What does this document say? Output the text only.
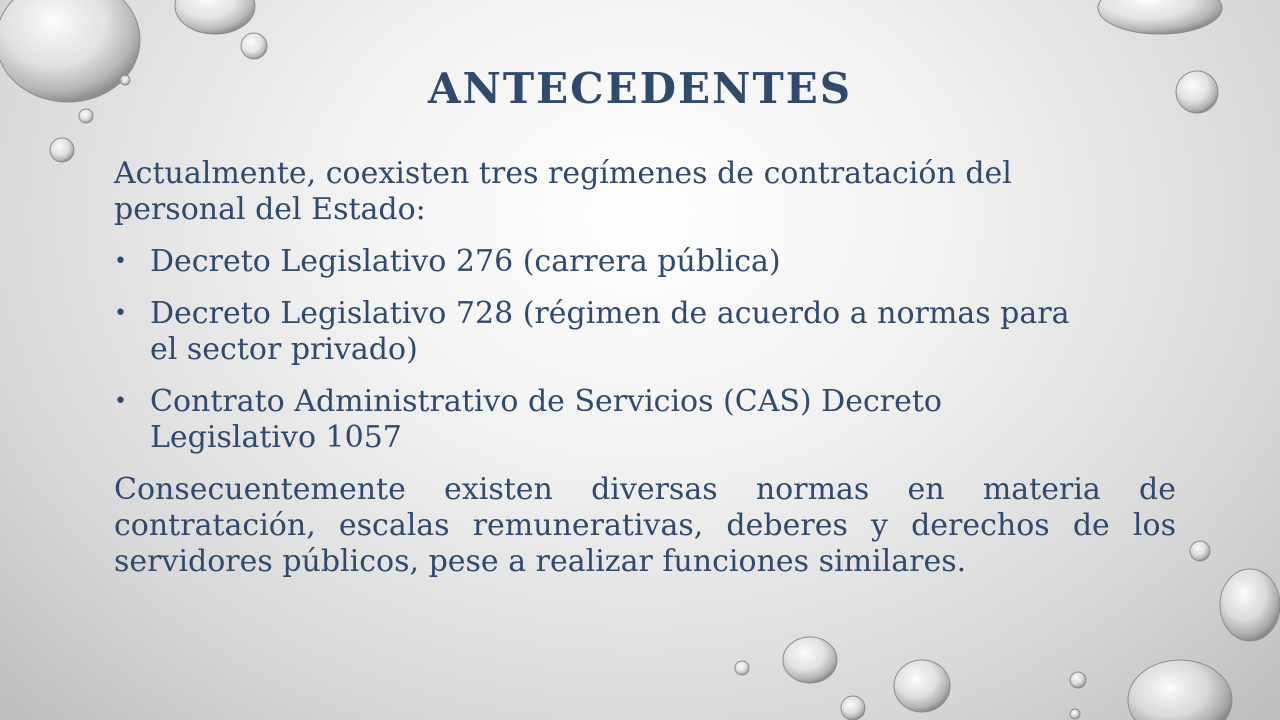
ANTECEDENTES

Actualmente, coexisten tres regímenes de contratación del personal del Estado:

• Decreto Legislativo 276 (carrera pública)
• Decreto Legislativo 728 (régimen de acuerdo a normas para el sector privado)
• Contrato Administrativo de Servicios (CAS) Decreto Legislativo 1057

Consecuentemente existen diversas normas en materia de contratación, escalas remunerativas, deberes y derechos de los servidores públicos, pese a realizar funciones similares.
